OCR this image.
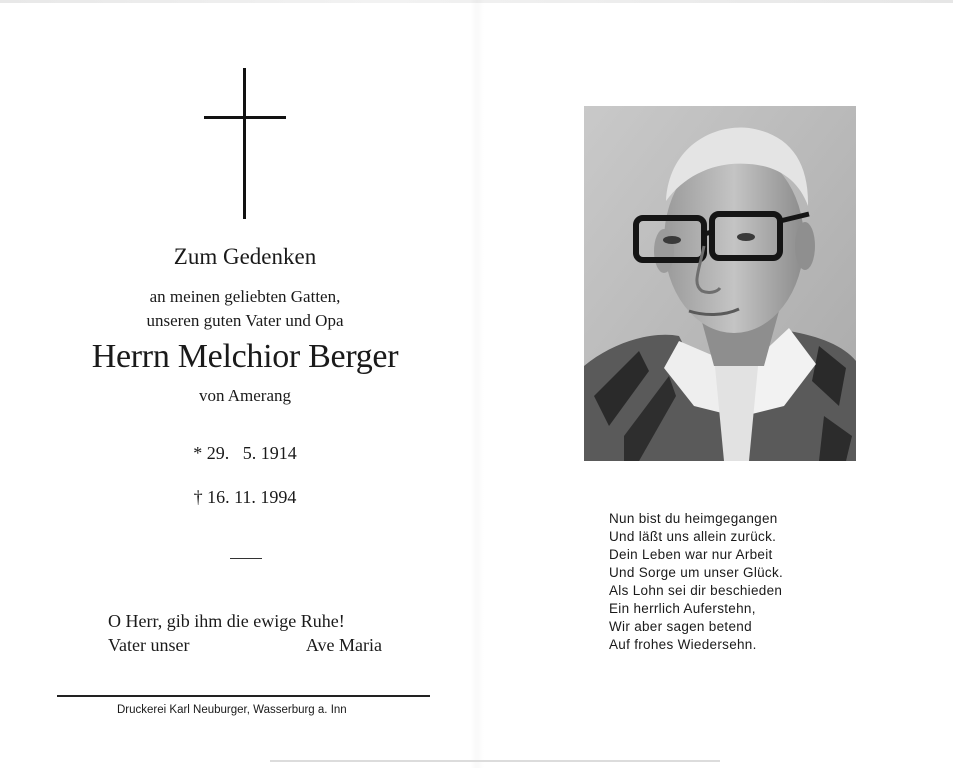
Zum Gedenken
an meinen geliebten Gatten,
unseren guten Vater und Opa
Herrn Melchior Berger
von Amerang
* 29.   5. 1914
† 16. 11. 1994
O Herr, gib ihm die ewige Ruhe!
Vater unser	Ave Maria
Druckerei Karl Neuburger, Wasserburg a. Inn
Nun bist du heimgegangen
Und läßt uns allein zurück.
Dein Leben war nur Arbeit
Und Sorge um unser Glück.
Als Lohn sei dir beschieden
Ein herrlich Auferstehn,
Wir aber sagen betend
Auf frohes Wiedersehn.
